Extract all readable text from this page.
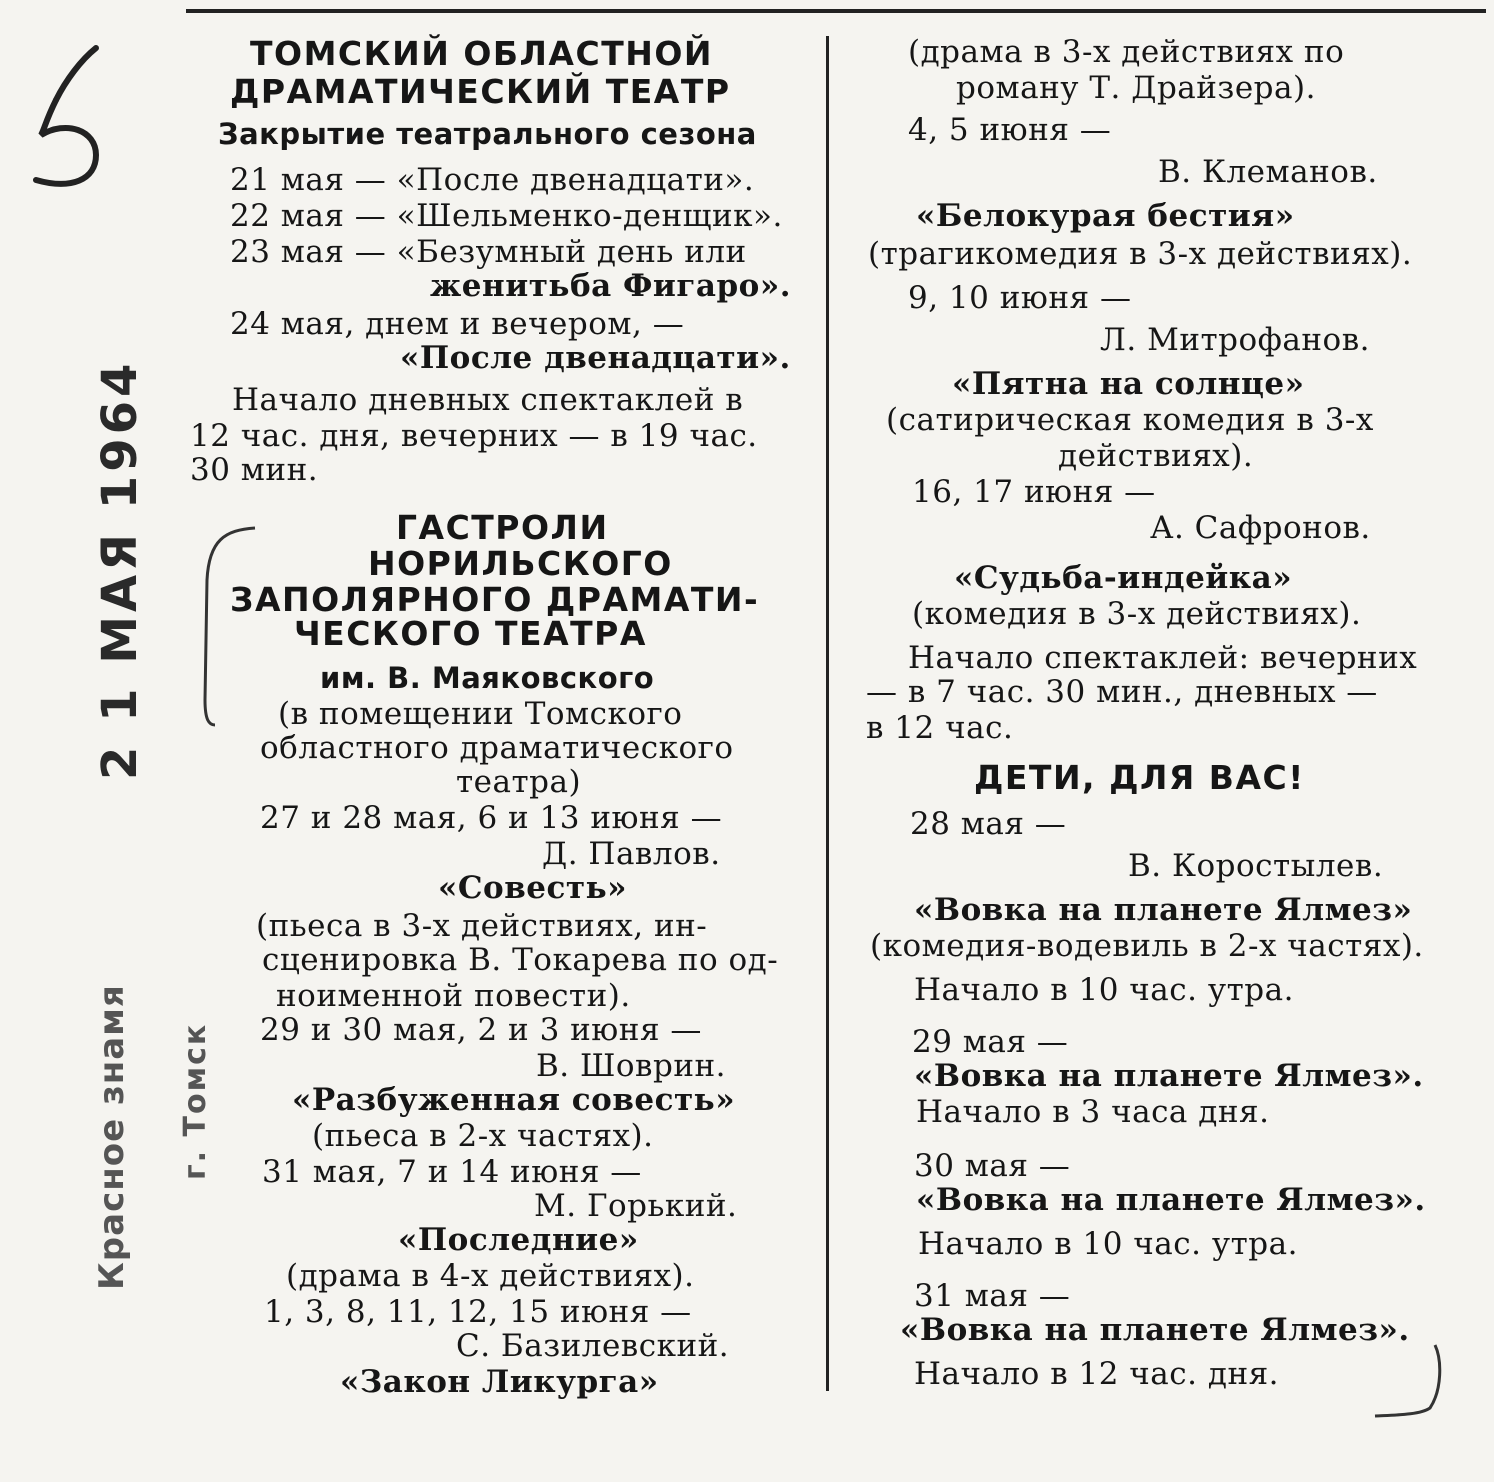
2 1 МАЯ 1964
Красное знамя г. Томск
ТОМСКИЙ ОБЛАСТНОЙ
ДРАМАТИЧЕСКИЙ ТЕАТР
Закрытие театрального сезона
21 мая — «После двенадцати».
22 мая — «Шельменко-денщик».
23 мая — «Безумный день или
женитьба Фигаро».
24 мая, днем и вечером, —
«После двенадцати».
Начало дневных спектаклей в
12 час. дня, вечерних — в 19 час.
30 мин.
ГАСТРОЛИ
НОРИЛЬСКОГО
ЗАПОЛЯРНОГО ДРАМАТИ-
ЧЕСКОГО ТЕАТРА
им. В. Маяковского
(в помещении Томского
областного драматического
театра)
27 и 28 мая, 6 и 13 июня —
Д. Павлов.
«Совесть»
(пьеса в 3-х действиях, ин-
сценировка В. Токарева по од-
ноименной повести).
29 и 30 мая, 2 и 3 июня —
В. Шоврин.
«Разбуженная совесть»
(пьеса в 2-х частях).
31 мая, 7 и 14 июня —
М. Горький.
«Последние»
(драма в 4-х действиях).
1, 3, 8, 11, 12, 15 июня —
С. Базилевский.
«Закон Ликурга»
(драма в 3-х действиях по
роману Т. Драйзера).
4, 5 июня —
В. Клеманов.
«Белокурая бестия»
(трагикомедия в 3-х действиях).
9, 10 июня —
Л. Митрофанов.
«Пятна на солнце»
(сатирическая комедия в 3-х
действиях).
16, 17 июня —
А. Сафронов.
«Судьба-индейка»
(комедия в 3-х действиях).
Начало спектаклей: вечерних
— в 7 час. 30 мин., дневных —
в 12 час.
ДЕТИ, ДЛЯ ВАС!
28 мая —
В. Коростылев.
«Вовка на планете Ялмез»
(комедия-водевиль в 2-х частях).
Начало в 10 час. утра.
29 мая —
«Вовка на планете Ялмез».
Начало в 3 часа дня.
30 мая —
«Вовка на планете Ялмез».
Начало в 10 час. утра.
31 мая —
«Вовка на планете Ялмез».
Начало в 12 час. дня.
